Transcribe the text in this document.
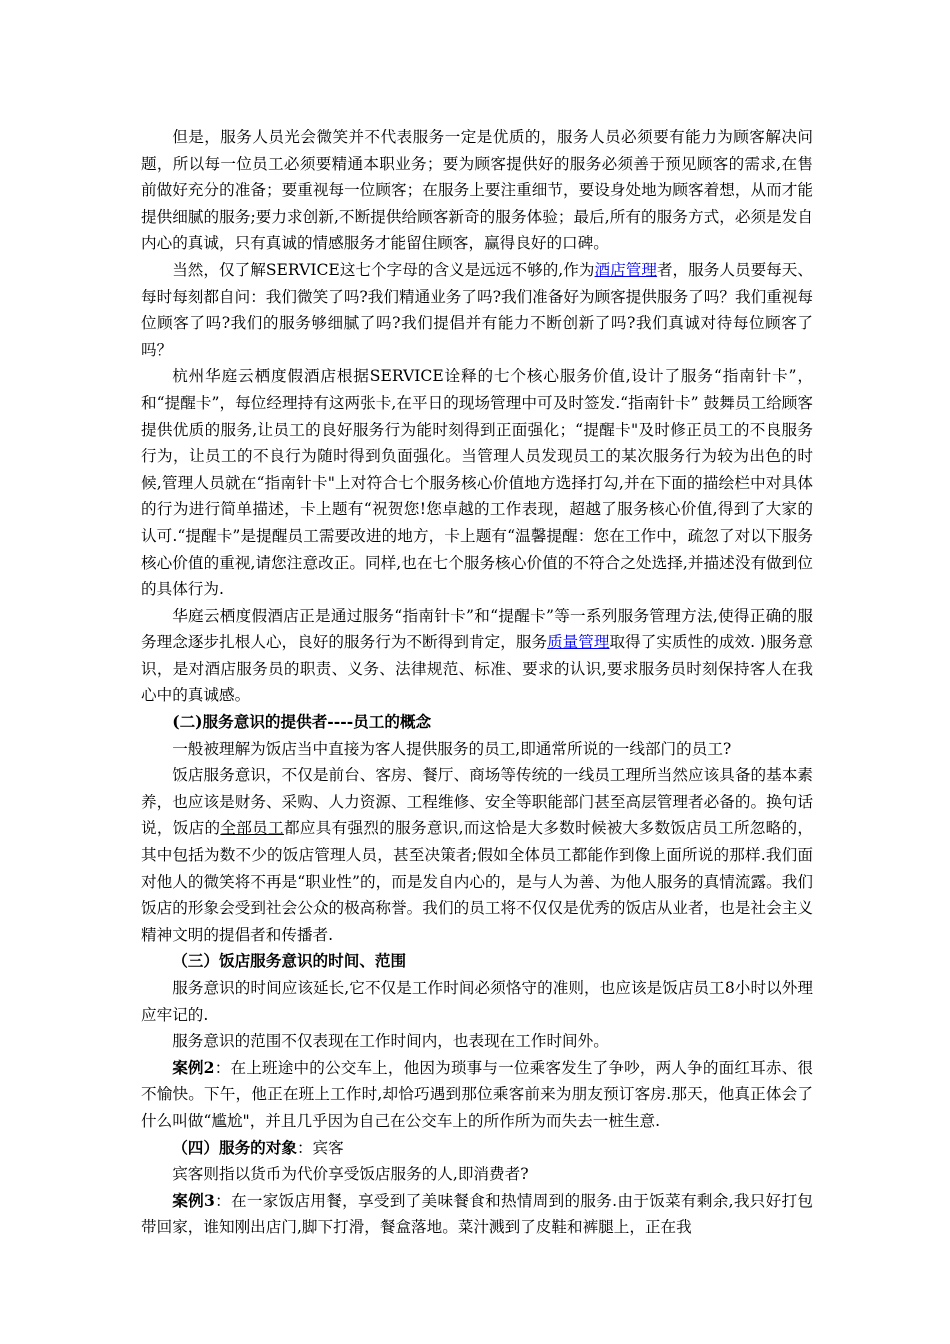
但是，服务人员光会微笑并不代表服务一定是优质的，服务人员必须要有能力为顾客解决问题，所以每一位员工必须要精通本职业务；要为顾客提供好的服务必须善于预见顾客的需求,在售前做好充分的准备；要重视每一位顾客；在服务上要注重细节，要设身处地为顾客着想，从而才能提供细腻的服务;要力求创新,不断提供给顾客新奇的服务体验；最后,所有的服务方式，必须是发自内心的真诚，只有真诚的情感服务才能留住顾客，赢得良好的口碑。

当然，仅了解SERVICE这七个字母的含义是远远不够的,作为酒店管理者，服务人员要每天、每时每刻都自问：我们微笑了吗?我们精通业务了吗?我们准备好为顾客提供服务了吗？我们重视每位顾客了吗?我们的服务够细腻了吗?我们提倡并有能力不断创新了吗?我们真诚对待每位顾客了吗？

杭州华庭云栖度假酒店根据SERVICE诠释的七个核心服务价值,设计了服务“指南针卡”，和“提醒卡”，每位经理持有这两张卡,在平日的现场管理中可及时签发.“指南针卡” 鼓舞员工给顾客提供优质的服务,让员工的良好服务行为能时刻得到正面强化；“提醒卡"及时修正员工的不良服务行为，让员工的不良行为随时得到负面强化。当管理人员发现员工的某次服务行为较为出色的时候,管理人员就在“指南针卡"上对符合七个服务核心价值地方选择打勾,并在下面的描绘栏中对具体的行为进行简单描述，卡上题有“祝贺您!您卓越的工作表现，超越了服务核心价值,得到了大家的认可.“提醒卡”是提醒员工需要改进的地方，卡上题有“温馨提醒：您在工作中，疏忽了对以下服务核心价值的重视,请您注意改正。同样,也在七个服务核心价值的不符合之处选择,并描述没有做到位的具体行为.

华庭云栖度假酒店正是通过服务“指南针卡”和“提醒卡”等一系列服务管理方法,使得正确的服务理念逐步扎根人心，良好的服务行为不断得到肯定，服务质量管理取得了实质性的成效. )服务意识，是对酒店服务员的职责、义务、法律规范、标准、要求的认识,要求服务员时刻保持客人在我心中的真诚感。

(二)服务意识的提供者----员工的概念

一般被理解为饭店当中直接为客人提供服务的员工,即通常所说的一线部门的员工?

饭店服务意识，不仅是前台、客房、餐厅、商场等传统的一线员工理所当然应该具备的基本素养，也应该是财务、采购、人力资源、工程维修、安全等职能部门甚至高层管理者必备的。换句话说，饭店的全部员工都应具有强烈的服务意识,而这恰是大多数时候被大多数饭店员工所忽略的，其中包括为数不少的饭店管理人员，甚至决策者;假如全体员工都能作到像上面所说的那样.我们面对他人的微笑将不再是“职业性”的，而是发自内心的，是与人为善、为他人服务的真情流露。我们饭店的形象会受到社会公众的极高称誉。我们的员工将不仅仅是优秀的饭店从业者，也是社会主义精神文明的提倡者和传播者.

（三）饭店服务意识的时间、范围

服务意识的时间应该延长,它不仅是工作时间必须恪守的准则，也应该是饭店员工8小时以外理应牢记的.

服务意识的范围不仅表现在工作时间内，也表现在工作时间外。

案例2：在上班途中的公交车上，他因为琐事与一位乘客发生了争吵，两人争的面红耳赤、很不愉快。下午，他正在班上工作时,却恰巧遇到那位乘客前来为朋友预订客房.那天，他真正体会了什么叫做“尴尬"，并且几乎因为自己在公交车上的所作所为而失去一桩生意.

（四）服务的对象：宾客

宾客则指以货币为代价享受饭店服务的人,即消费者?

案例3：在一家饭店用餐，享受到了美味餐食和热情周到的服务.由于饭菜有剩余,我只好打包带回家，谁知刚出店门,脚下打滑，餐盒落地。菜汁溅到了皮鞋和裤腿上，正在我
